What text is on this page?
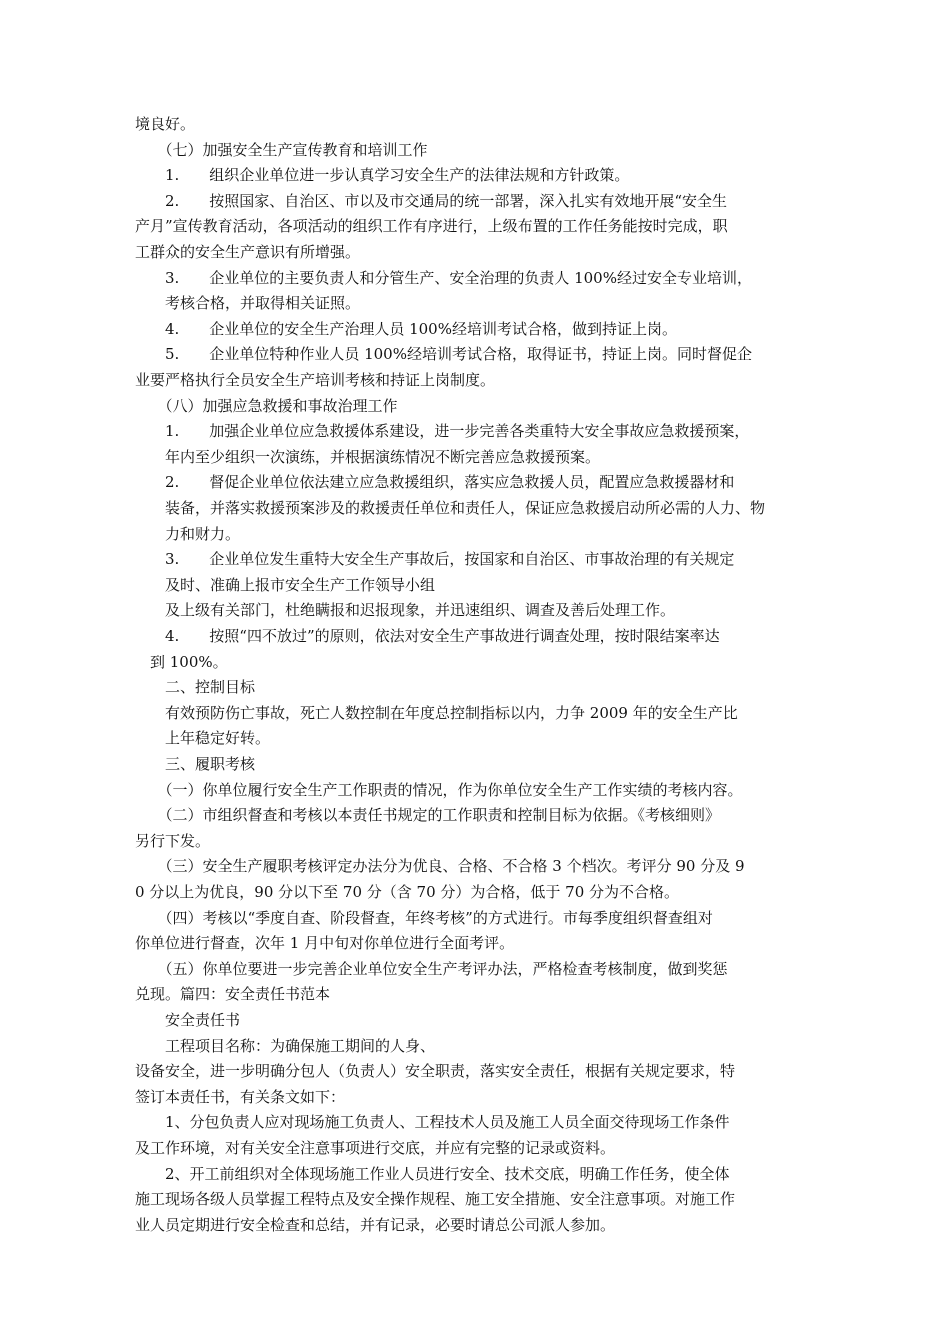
境良好。
　　（七）加强安全生产宣传教育和培训工作
　　1.　　组织企业单位进一步认真学习安全生产的法律法规和方针政策。
　　2.　　按照国家、自治区、市以及市交通局的统一部署，深入扎实有效地开展“安全生
产月”宣传教育活动，各项活动的组织工作有序进行，上级布置的工作任务能按时完成，职
工群众的安全生产意识有所增强。
　　3.　　企业单位的主要负责人和分管生产、安全治理的负责人 100%经过安全专业培训，
　　考核合格，并取得相关证照。
　　4.　　企业单位的安全生产治理人员 100%经培训考试合格，做到持证上岗。
　　5.　　企业单位特种作业人员 100%经培训考试合格，取得证书，持证上岗。同时督促企
业要严格执行全员安全生产培训考核和持证上岗制度。
　　（八）加强应急救援和事故治理工作
　　1.　　加强企业单位应急救援体系建设，进一步完善各类重特大安全事故应急救援预案，
　　年内至少组织一次演练，并根据演练情况不断完善应急救援预案。
　　2.　　督促企业单位依法建立应急救援组织，落实应急救援人员，配置应急救援器材和
　　装备，并落实救援预案涉及的救援责任单位和责任人，保证应急救援启动所必需的人力、物
　　力和财力。
　　3.　　企业单位发生重特大安全生产事故后，按国家和自治区、市事故治理的有关规定
　　及时、准确上报市安全生产工作领导小组
　　及上级有关部门，杜绝瞒报和迟报现象，并迅速组织、调查及善后处理工作。
　　4.　　按照“四不放过”的原则，依法对安全生产事故进行调查处理，按时限结案率达
　到 100%。
　　二、控制目标
　　有效预防伤亡事故，死亡人数控制在年度总控制指标以内，力争 2009 年的安全生产比
　　上年稳定好转。
　　三、履职考核
　　（一）你单位履行安全生产工作职责的情况，作为你单位安全生产工作实绩的考核内容。
　　（二）市组织督查和考核以本责任书规定的工作职责和控制目标为依据。《考核细则》
另行下发。
　　（三）安全生产履职考核评定办法分为优良、合格、不合格 3 个档次。考评分 90 分及 9
0 分以上为优良，90 分以下至 70 分（含 70 分）为合格，低于 70 分为不合格。
　　（四）考核以“季度自查、阶段督查，年终考核”的方式进行。市每季度组织督查组对
你单位进行督查，次年 1 月中旬对你单位进行全面考评。
　　（五）你单位要进一步完善企业单位安全生产考评办法，严格检查考核制度，做到奖惩
兑现。篇四：安全责任书范本
　　安全责任书
　　工程项目名称：为确保施工期间的人身、
设备安全，进一步明确分包人（负责人）安全职责，落实安全责任，根据有关规定要求，特
签订本责任书，有关条文如下：
　　1、分包负责人应对现场施工负责人、工程技术人员及施工人员全面交待现场工作条件
及工作环境，对有关安全注意事项进行交底，并应有完整的记录或资料。
　　2、开工前组织对全体现场施工作业人员进行安全、技术交底，明确工作任务，使全体
施工现场各级人员掌握工程特点及安全操作规程、施工安全措施、安全注意事项。对施工作
业人员定期进行安全检查和总结，并有记录，必要时请总公司派人参加。
